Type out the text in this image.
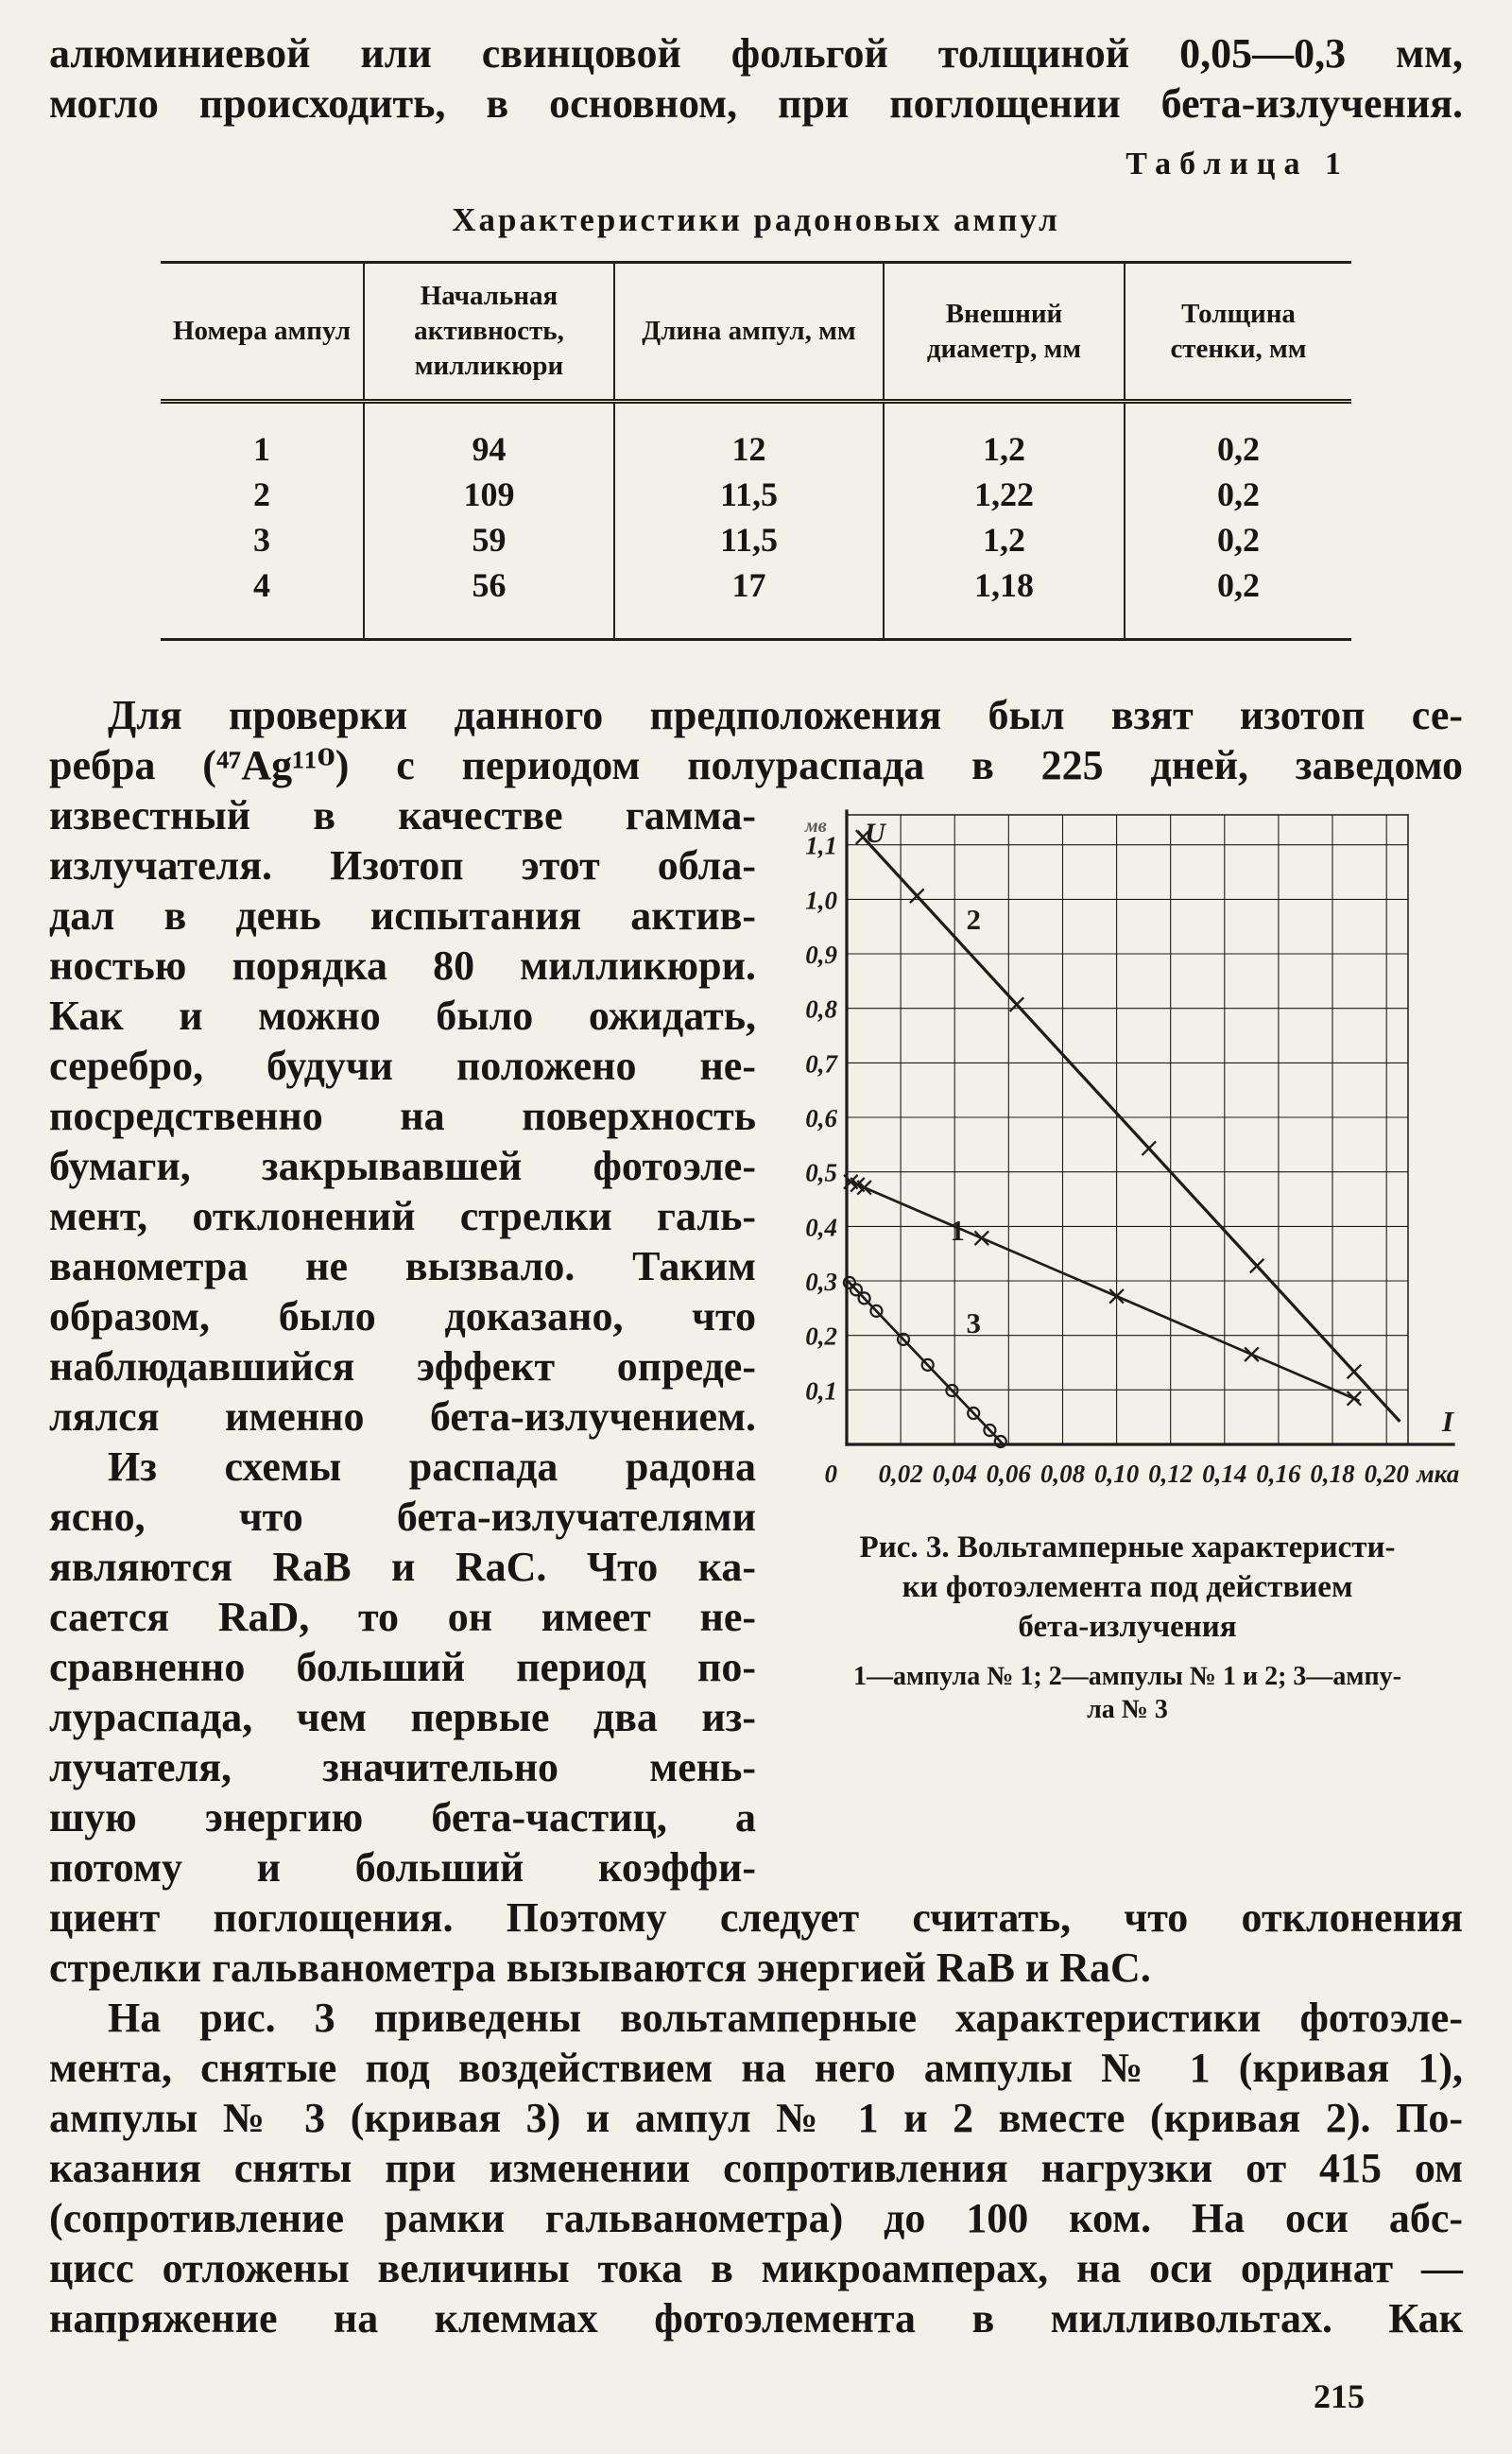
алюминиевой или свинцовой фольгой толщиной 0,05—0,3 мм,
могло происходить, в основном, при поглощении бета-излучения.
Таблица 1
Характеристики радоновых ампул
Номера ампул	Начальная активность, милликюри	Длина ампул, мм	Внешний диаметр, мм	Толщина стенки, мм
1	94	12	1,2	0,2
2	109	11,5	1,22	0,2
3	59	11,5	1,2	0,2
4	56	17	1,18	0,2
Для проверки данного предположения был взят изотоп се-
ребра (⁴⁷Ag¹¹⁰) с периодом полураспада в 225 дней, заведомо
известный в качестве гамма-
излучателя. Изотоп этот обла-
дал в день испытания актив-
ностью порядка 80 милликюри.
Как и можно было ожидать,
серебро, будучи положено не-
посредственно на поверхность
бумаги, закрывавшей фотоэле-
мент, отклонений стрелки галь-
ванометра не вызвало. Таким
образом, было доказано, что
наблюдавшийся эффект опреде-
лялся именно бета-излучением.
Из схемы распада радона
ясно, что бета-излучателями
являются RaB и RaC. Что ка-
сается RaD, то он имеет не-
сравненно больший период по-
лураспада, чем первые два из-
лучателя, значительно мень-
шую энергию бета-частиц, а
потому и больший коэффи-
0,1
0,2
0,3
0,4
0,5
0,6
0,7
0,8
0,9
1,0
1,1
0,02 0,04 0,06 0,08 0,10 0,12 0,14 0,16 0,18 0,20
0	мка
I
U
мв
1
2
3
Рис. 3. Вольтамперные характеристи-
ки фотоэлемента под действием
бета-излучения
1—ампула № 1; 2—ампулы № 1 и 2; 3—ампу-
ла № 3
циент поглощения. Поэтому следует считать, что отклонения
стрелки гальванометра вызываются энергией RaB и RaC.
На рис. 3 приведены вольтамперные характеристики фотоэле-
мента, снятые под воздействием на него ампулы № 1 (кривая 1),
ампулы № 3 (кривая 3) и ампул № 1 и 2 вместе (кривая 2). По-
казания сняты при изменении сопротивления нагрузки от 415 ом
(сопротивление рамки гальванометра) до 100 ком. На оси абс-
цисс отложены величины тока в микроамперах, на оси ординат —
напряжение на клеммах фотоэлемента в милливольтах. Как
215
